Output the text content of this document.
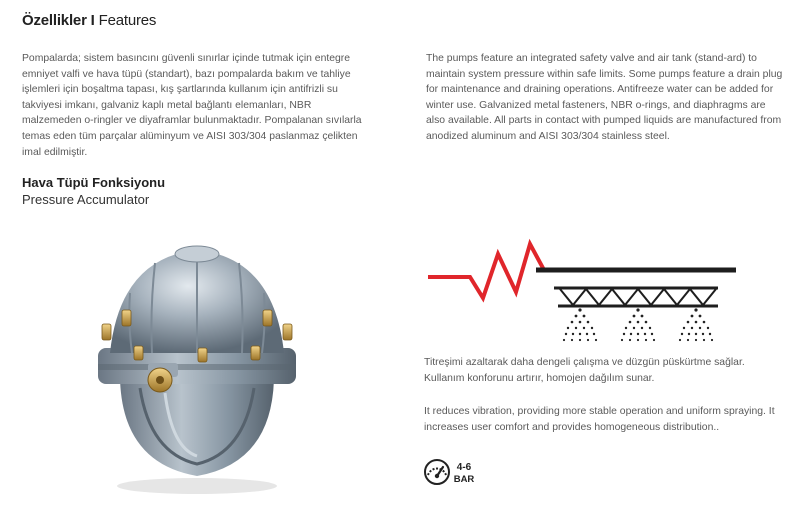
Özellikler I Features
Pompalarda; sistem basıncını güvenli sınırlar içinde tutmak için entegre emniyet valfi ve hava tüpü (standart), bazı pompalarda bakım ve tahliye işlemleri için boşaltma tapası, kış şartlarında kullanım için antifrizli su takviyesi imkanı, galvaniz kaplı metal bağlantı elemanları, NBR malzemeden o-ringler ve diyaframlar bulunmaktadır. Pompalanan sıvılarla temas eden tüm parçalar alüminyum ve AISI 303/304 paslanmaz çelikten imal edilmiştir.
The pumps feature an integrated safety valve and air tank (stand-ard) to maintain system pressure within safe limits. Some pumps feature a drain plug for maintenance and draining operations. Antifreeze water can be added for winter use. Galvanized metal fasteners, NBR o-rings, and diaphragms are also available. All parts in contact with pumped liquids are manufactured from anodized aluminum and AISI 303/304 stainless steel.
Hava Tüpü Fonksiyonu
Pressure Accumulator
Titreşimi azaltarak daha dengeli çalışma ve düzgün püskürtme sağlar. Kullanım konforunu artırır, homojen dağılım sunar.
It reduces vibration, providing more stable operation and uniform spraying. It increases user comfort and provides homogeneous distribution..
4-6
BAR
